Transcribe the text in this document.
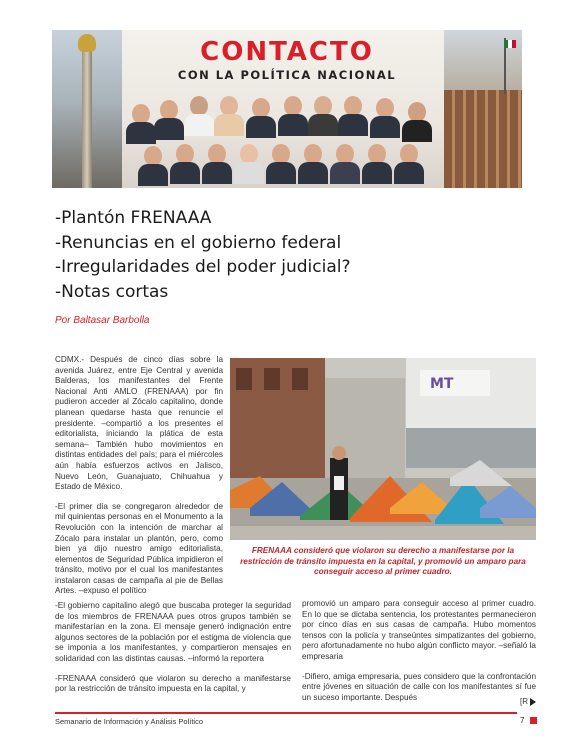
CONTACTO
CON LA POLÍTICA NACIONAL
-Plantón FRENAAA
-Renuncias en el gobierno federal
-Irregularidades del poder judicial?
-Notas cortas
Por Baltasar Barbolla

CDMX.- Después de cinco días sobre la avenida Juárez, entre Eje Central y avenida Balderas, los manifestantes del Frente Nacional Anti AMLO (FRENAAA) por fin pudieron acceder al Zócalo capitalino, donde planean quedarse hasta que renuncie el presidente. –compartió a los presentes el editorialista, iniciando la plática de esta semana– También hubo movimientos en distintas entidades del país; para el miércoles aún había esfuerzos activos en Jalisco, Nuevo León, Guanajuato, Chihuahua y Estado de México.

-El primer día se congregaron alrededor de mil quinientas personas en el Monumento a la Revolución con la intención de marchar al Zócalo para instalar un plantón, pero, como bien ya dijo nuestro amigo editorialista, elementos de Seguridad Pública impidieron el tránsito, motivo por el cual los manifestantes instalaron casas de campaña al pie de Bellas Artes. –expuso el político

MT
FRENAAA consideró que violaron su derecho a manifestarse por la restricción de tránsito impuesta en la capital, y promovió un amparo para conseguir acceso al primer cuadro.

-El gobierno capitalino alegó que buscaba proteger la seguridad de los miembros de FRENAAA pues otros grupos también se manifestarían en la zona. El mensaje generó indignación entre algunos sectores de la población por el estigma de violencia que se imponía a los manifestantes, y compartieron mensajes en solidaridad con las distintas causas. –informó la reportera

-FRENAAA consideró que violaron su derecho a manifestarse por la restricción de tránsito impuesta en la capital, y

promovió un amparo para conseguir acceso al primer cuadro. En lo que se dictaba sentencia, los protestantes permanecieron por cinco días en sus casas de campaña. Hubo momentos tensos con la policía y transeúntes simpatizantes del gobierno, pero afortunadamente no hubo algún conflicto mayor. –señaló la empresaria

-Difiero, amiga empresaria, pues considero que la confrontación entre jóvenes en situación de calle con los manifestantes sí fue un suceso importante. Después	[R
Semanario de Información y Análisis Político	7
